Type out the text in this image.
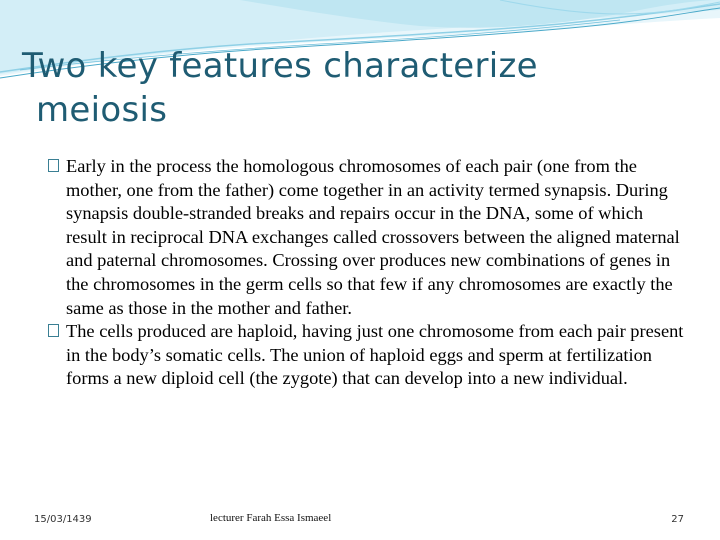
Two key features characterize
meiosis
Early in the process the homologous chromosomes of each pair (one from the mother, one from the father) come together in an activity termed synapsis. During synapsis double-stranded breaks and repairs occur in the DNA, some of which result in reciprocal DNA exchanges called crossovers between the aligned maternal and paternal chromosomes. Crossing over produces new combinations of genes in the chromosomes in the germ cells so that few if any chromosomes are exactly the same as those in the mother and father.
The cells produced are haploid, having just one chromosome from each pair present in the body’s somatic cells. The union of haploid eggs and sperm at fertilization forms a new diploid cell (the zygote) that can develop into a new individual.
15/03/1439	lecturer Farah Essa Ismaeel	27
